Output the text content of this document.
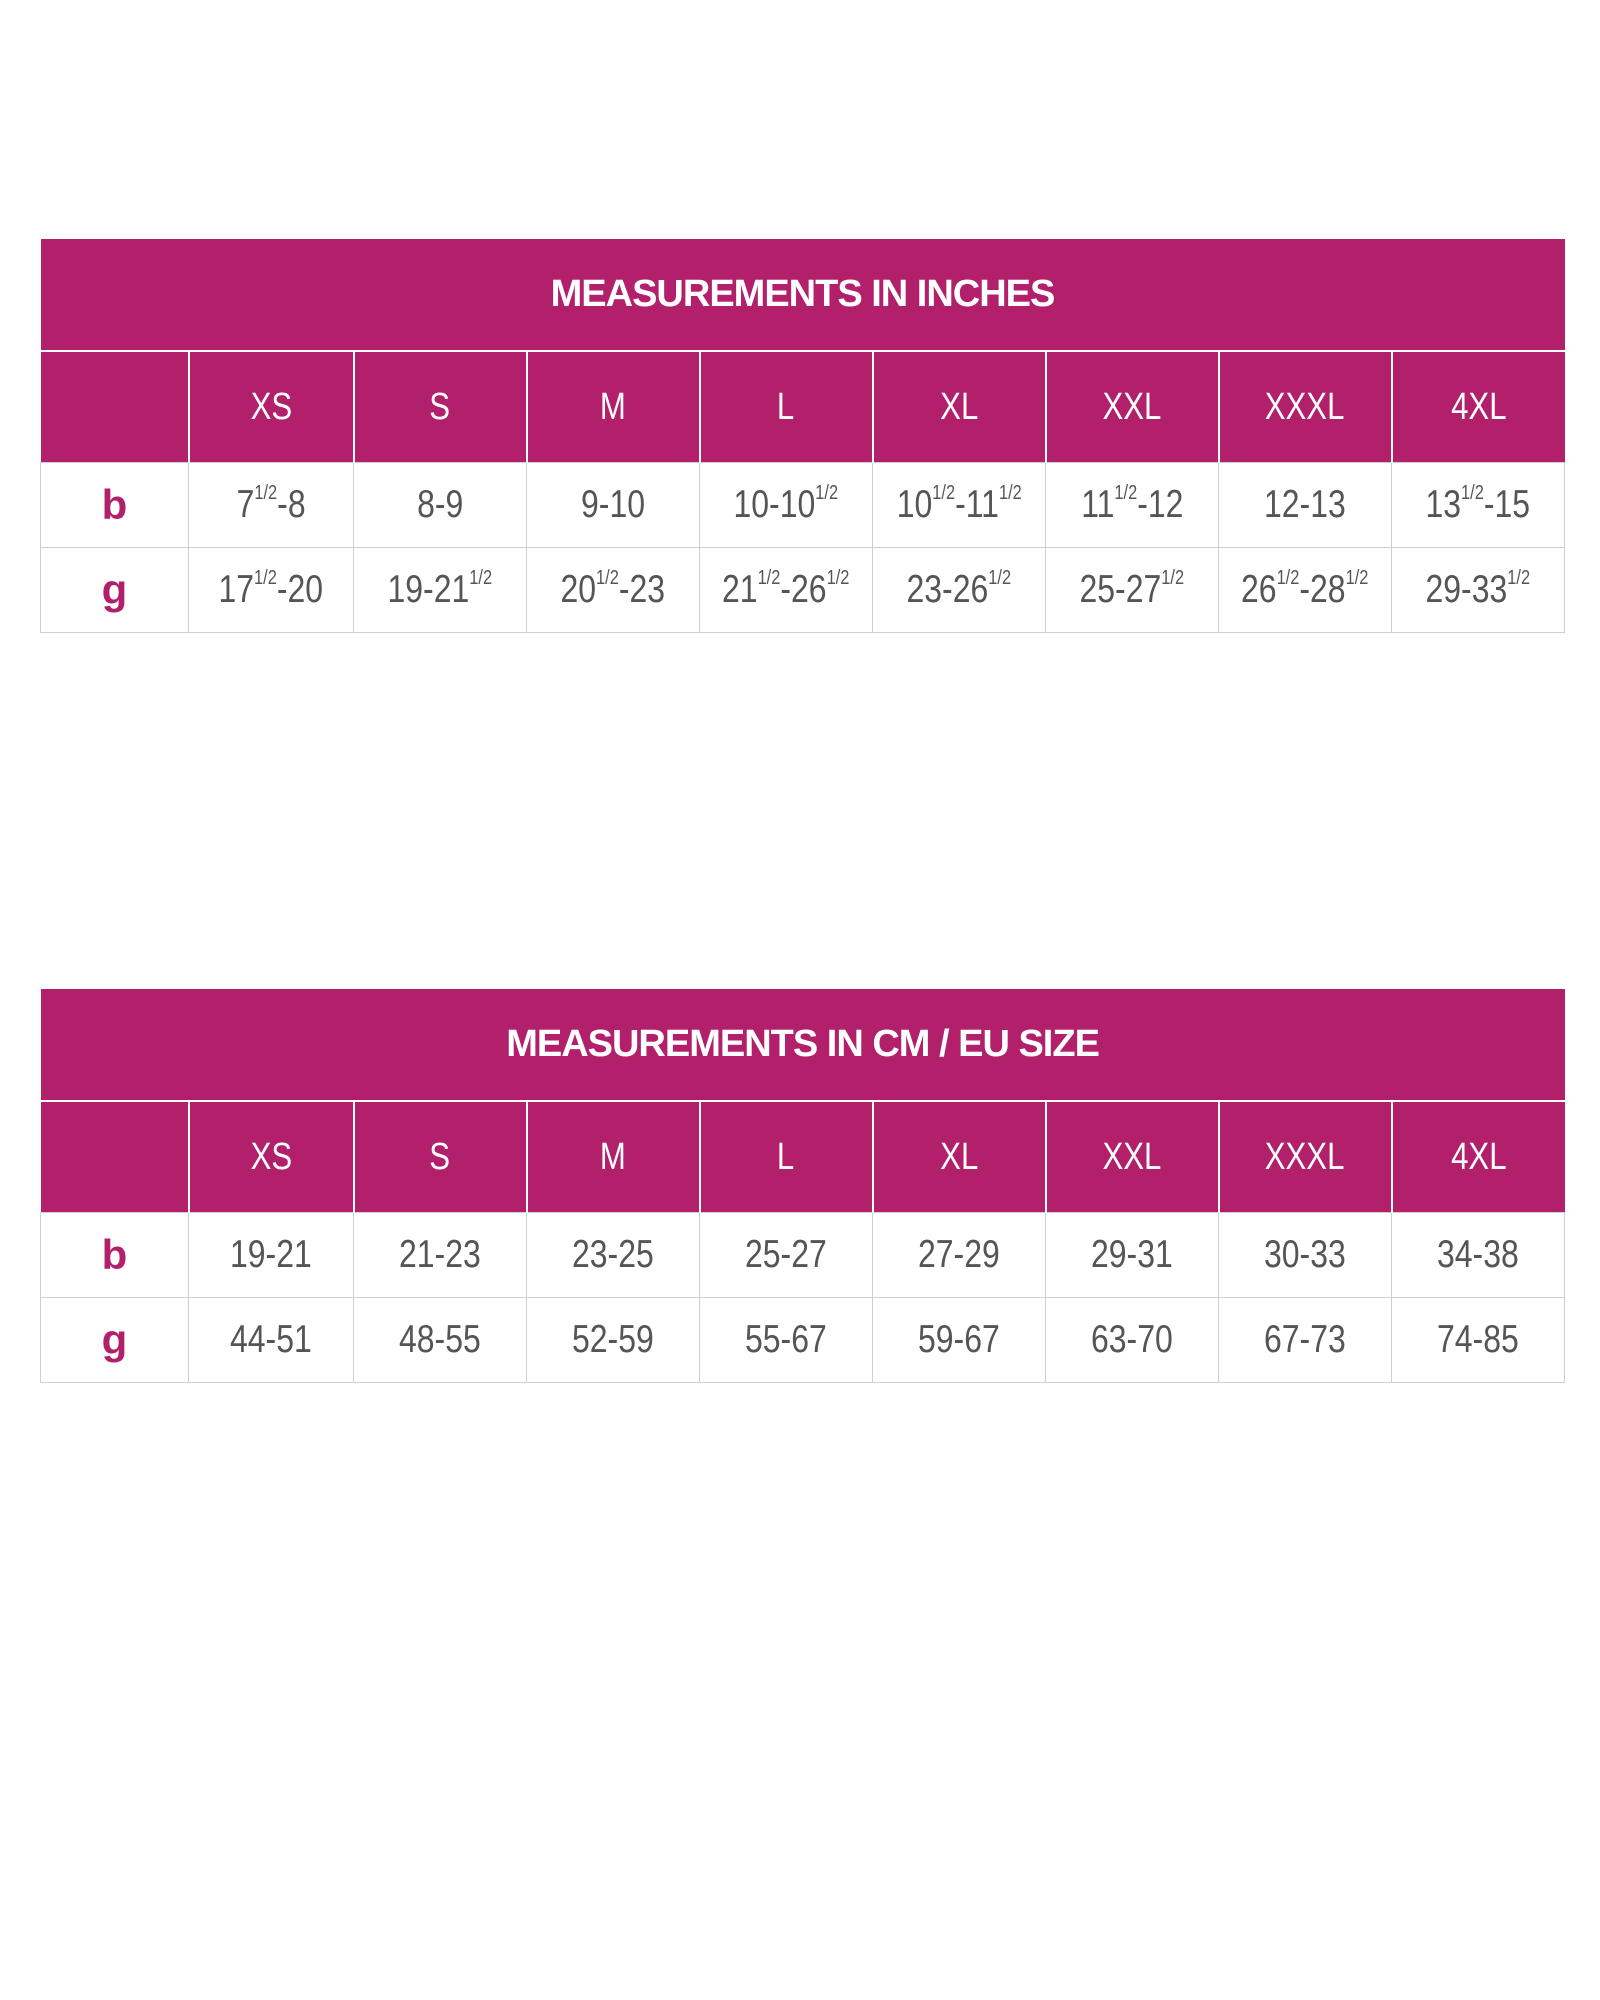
MEASUREMENTS IN INCHES								
	XS	S	M	L	XL	XXL	XXXL	4XL
b	$7^{1/2}-8$	8-9	9-10	$10-10^{1/2}$	$10^{1/2}-11^{1/2}$	$11^{1/2}-12$	12-13	$13^{1/2}-15$
g	$17^{1/2}-20$	$19-21^{1/2}$	$20^{1/2}-23$	$21^{1/2}-26^{1/2}$	$23-26^{1/2}$	$25-27^{1/2}$	$26^{1/2}-28^{1/2}$	$29-33^{1/2}$
MEASUREMENTS IN CM / EU SIZE								
	XS	S	M	L	XL	XXL	XXXL	4XL
b	19-21	21-23	23-25	25-27	27-29	29-31	30-33	34-38
g	44-51	48-55	52-59	55-67	59-67	63-70	67-73	74-85
